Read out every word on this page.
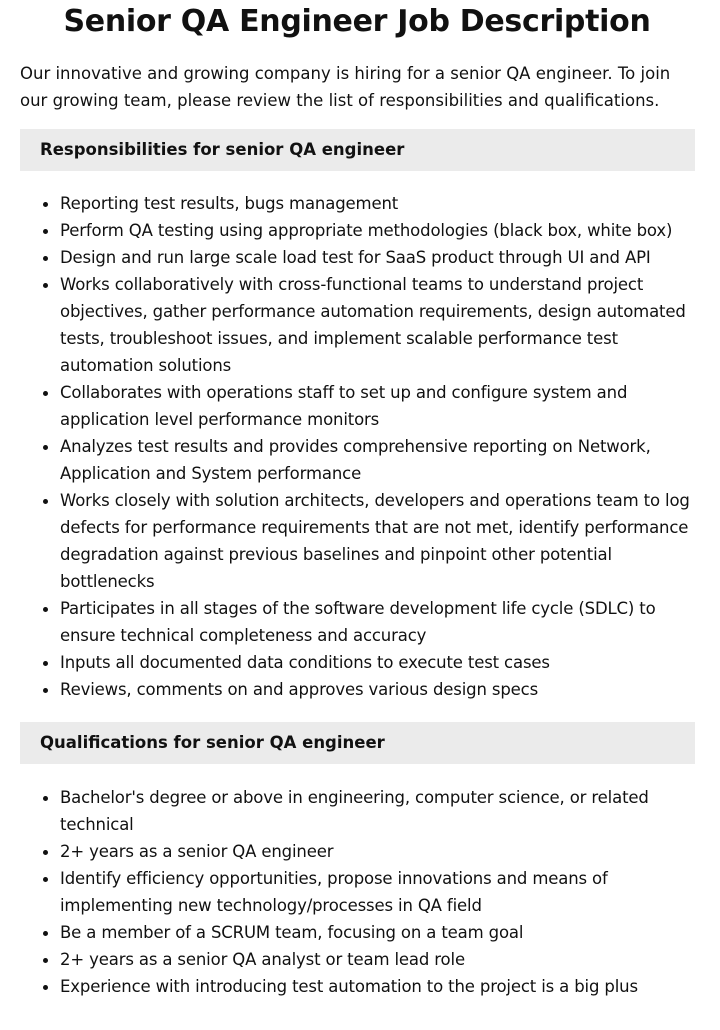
Senior QA Engineer Job Description

Our innovative and growing company is hiring for a senior QA engineer. To join our growing team, please review the list of responsibilities and qualifications.

Responsibilities for senior QA engineer
Reporting test results, bugs management
Perform QA testing using appropriate methodologies (black box, white box)
Design and run large scale load test for SaaS product through UI and API
Works collaboratively with cross-functional teams to understand project objectives, gather performance automation requirements, design automated tests, troubleshoot issues, and implement scalable performance test automation solutions
Collaborates with operations staff to set up and configure system and application level performance monitors
Analyzes test results and provides comprehensive reporting on Network, Application and System performance
Works closely with solution architects, developers and operations team to log defects for performance requirements that are not met, identify performance degradation against previous baselines and pinpoint other potential bottlenecks
Participates in all stages of the software development life cycle (SDLC) to ensure technical completeness and accuracy
Inputs all documented data conditions to execute test cases
Reviews, comments on and approves various design specs
Qualifications for senior QA engineer
Bachelor's degree or above in engineering, computer science, or related technical
2+ years as a senior QA engineer
Identify efficiency opportunities, propose innovations and means of implementing new technology/processes in QA field
Be a member of a SCRUM team, focusing on a team goal
2+ years as a senior QA analyst or team lead role
Experience with introducing test automation to the project is a big plus
